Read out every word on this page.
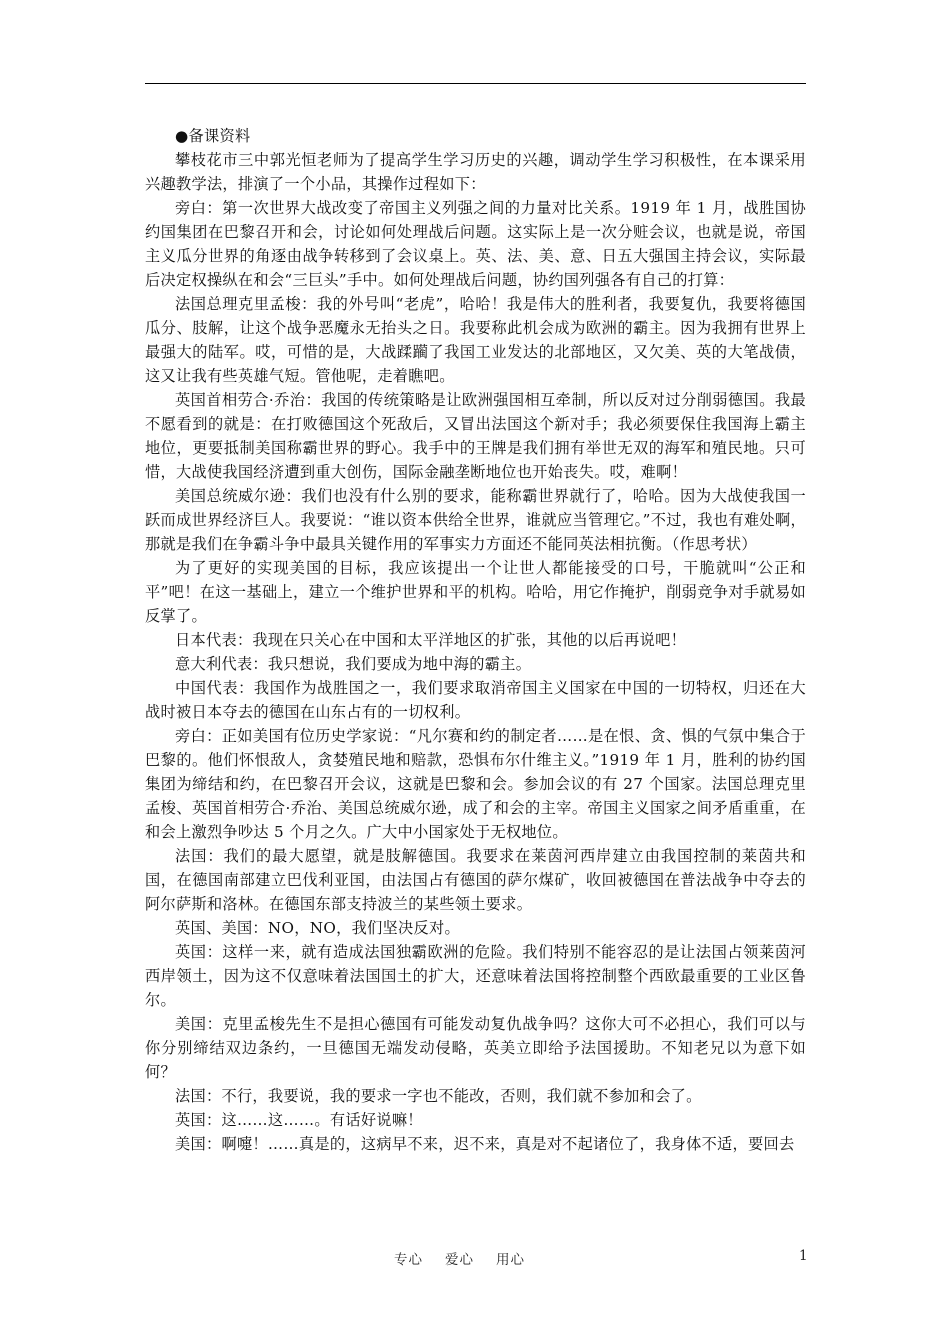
●备课资料

攀枝花市三中郭光恒老师为了提高学生学习历史的兴趣，调动学生学习积极性，在本课采用兴趣教学法，排演了一个小品，其操作过程如下：

旁白：第一次世界大战改变了帝国主义列强之间的力量对比关系。1919 年 1 月，战胜国协约国集团在巴黎召开和会，讨论如何处理战后问题。这实际上是一次分赃会议，也就是说，帝国主义瓜分世界的角逐由战争转移到了会议桌上。英、法、美、意、日五大强国主持会议，实际最后决定权操纵在和会“三巨头”手中。如何处理战后问题，协约国列强各有自己的打算：

法国总理克里孟梭：我的外号叫“老虎”，哈哈！我是伟大的胜利者，我要复仇，我要将德国瓜分、肢解，让这个战争恶魔永无抬头之日。我要称此机会成为欧洲的霸主。因为我拥有世界上最强大的陆军。哎，可惜的是，大战蹂躏了我国工业发达的北部地区，又欠美、英的大笔战债，这又让我有些英雄气短。管他呢，走着瞧吧。

英国首相劳合·乔治：我国的传统策略是让欧洲强国相互牵制，所以反对过分削弱德国。我最不愿看到的就是：在打败德国这个死敌后，又冒出法国这个新对手；我必须要保住我国海上霸主地位，更要抵制美国称霸世界的野心。我手中的王牌是我们拥有举世无双的海军和殖民地。只可惜，大战使我国经济遭到重大创伤，国际金融垄断地位也开始丧失。哎，难啊！

美国总统威尔逊：我们也没有什么别的要求，能称霸世界就行了，哈哈。因为大战使我国一跃而成世界经济巨人。我要说：“谁以资本供给全世界，谁就应当管理它。”不过，我也有难处啊，那就是我们在争霸斗争中最具关键作用的军事实力方面还不能同英法相抗衡。（作思考状）

为了更好的实现美国的目标，我应该提出一个让世人都能接受的口号，干脆就叫“公正和平”吧！在这一基础上，建立一个维护世界和平的机构。哈哈，用它作掩护，削弱竞争对手就易如反掌了。

日本代表：我现在只关心在中国和太平洋地区的扩张，其他的以后再说吧！

意大利代表：我只想说，我们要成为地中海的霸主。

中国代表：我国作为战胜国之一，我们要求取消帝国主义国家在中国的一切特权，归还在大战时被日本夺去的德国在山东占有的一切权利。

旁白：正如美国有位历史学家说：“凡尔赛和约的制定者……是在恨、贪、惧的气氛中集合于巴黎的。他们怀恨敌人，贪婪殖民地和赔款，恐惧布尔什维主义。”1919 年 1 月，胜利的协约国集团为缔结和约，在巴黎召开会议，这就是巴黎和会。参加会议的有 27 个国家。法国总理克里孟梭、英国首相劳合·乔治、美国总统威尔逊，成了和会的主宰。帝国主义国家之间矛盾重重，在和会上激烈争吵达 5 个月之久。广大中小国家处于无权地位。

法国：我们的最大愿望，就是肢解德国。我要求在莱茵河西岸建立由我国控制的莱茵共和国，在德国南部建立巴伐利亚国，由法国占有德国的萨尔煤矿，收回被德国在普法战争中夺去的阿尔萨斯和洛林。在德国东部支持波兰的某些领土要求。

英国、美国：NO，NO，我们坚决反对。

英国：这样一来，就有造成法国独霸欧洲的危险。我们特别不能容忍的是让法国占领莱茵河西岸领土，因为这不仅意味着法国国土的扩大，还意味着法国将控制整个西欧最重要的工业区鲁尔。

美国：克里孟梭先生不是担心德国有可能发动复仇战争吗？这你大可不必担心，我们可以与你分别缔结双边条约，一旦德国无端发动侵略，英美立即给予法国援助。不知老兄以为意下如何？

法国：不行，我要说，我的要求一字也不能改，否则，我们就不参加和会了。

英国：这……这……。有话好说嘛！

美国：啊嚏！……真是的，这病早不来，迟不来，真是对不起诸位了，我身体不适，要回去

专心 爱心 用心	1
